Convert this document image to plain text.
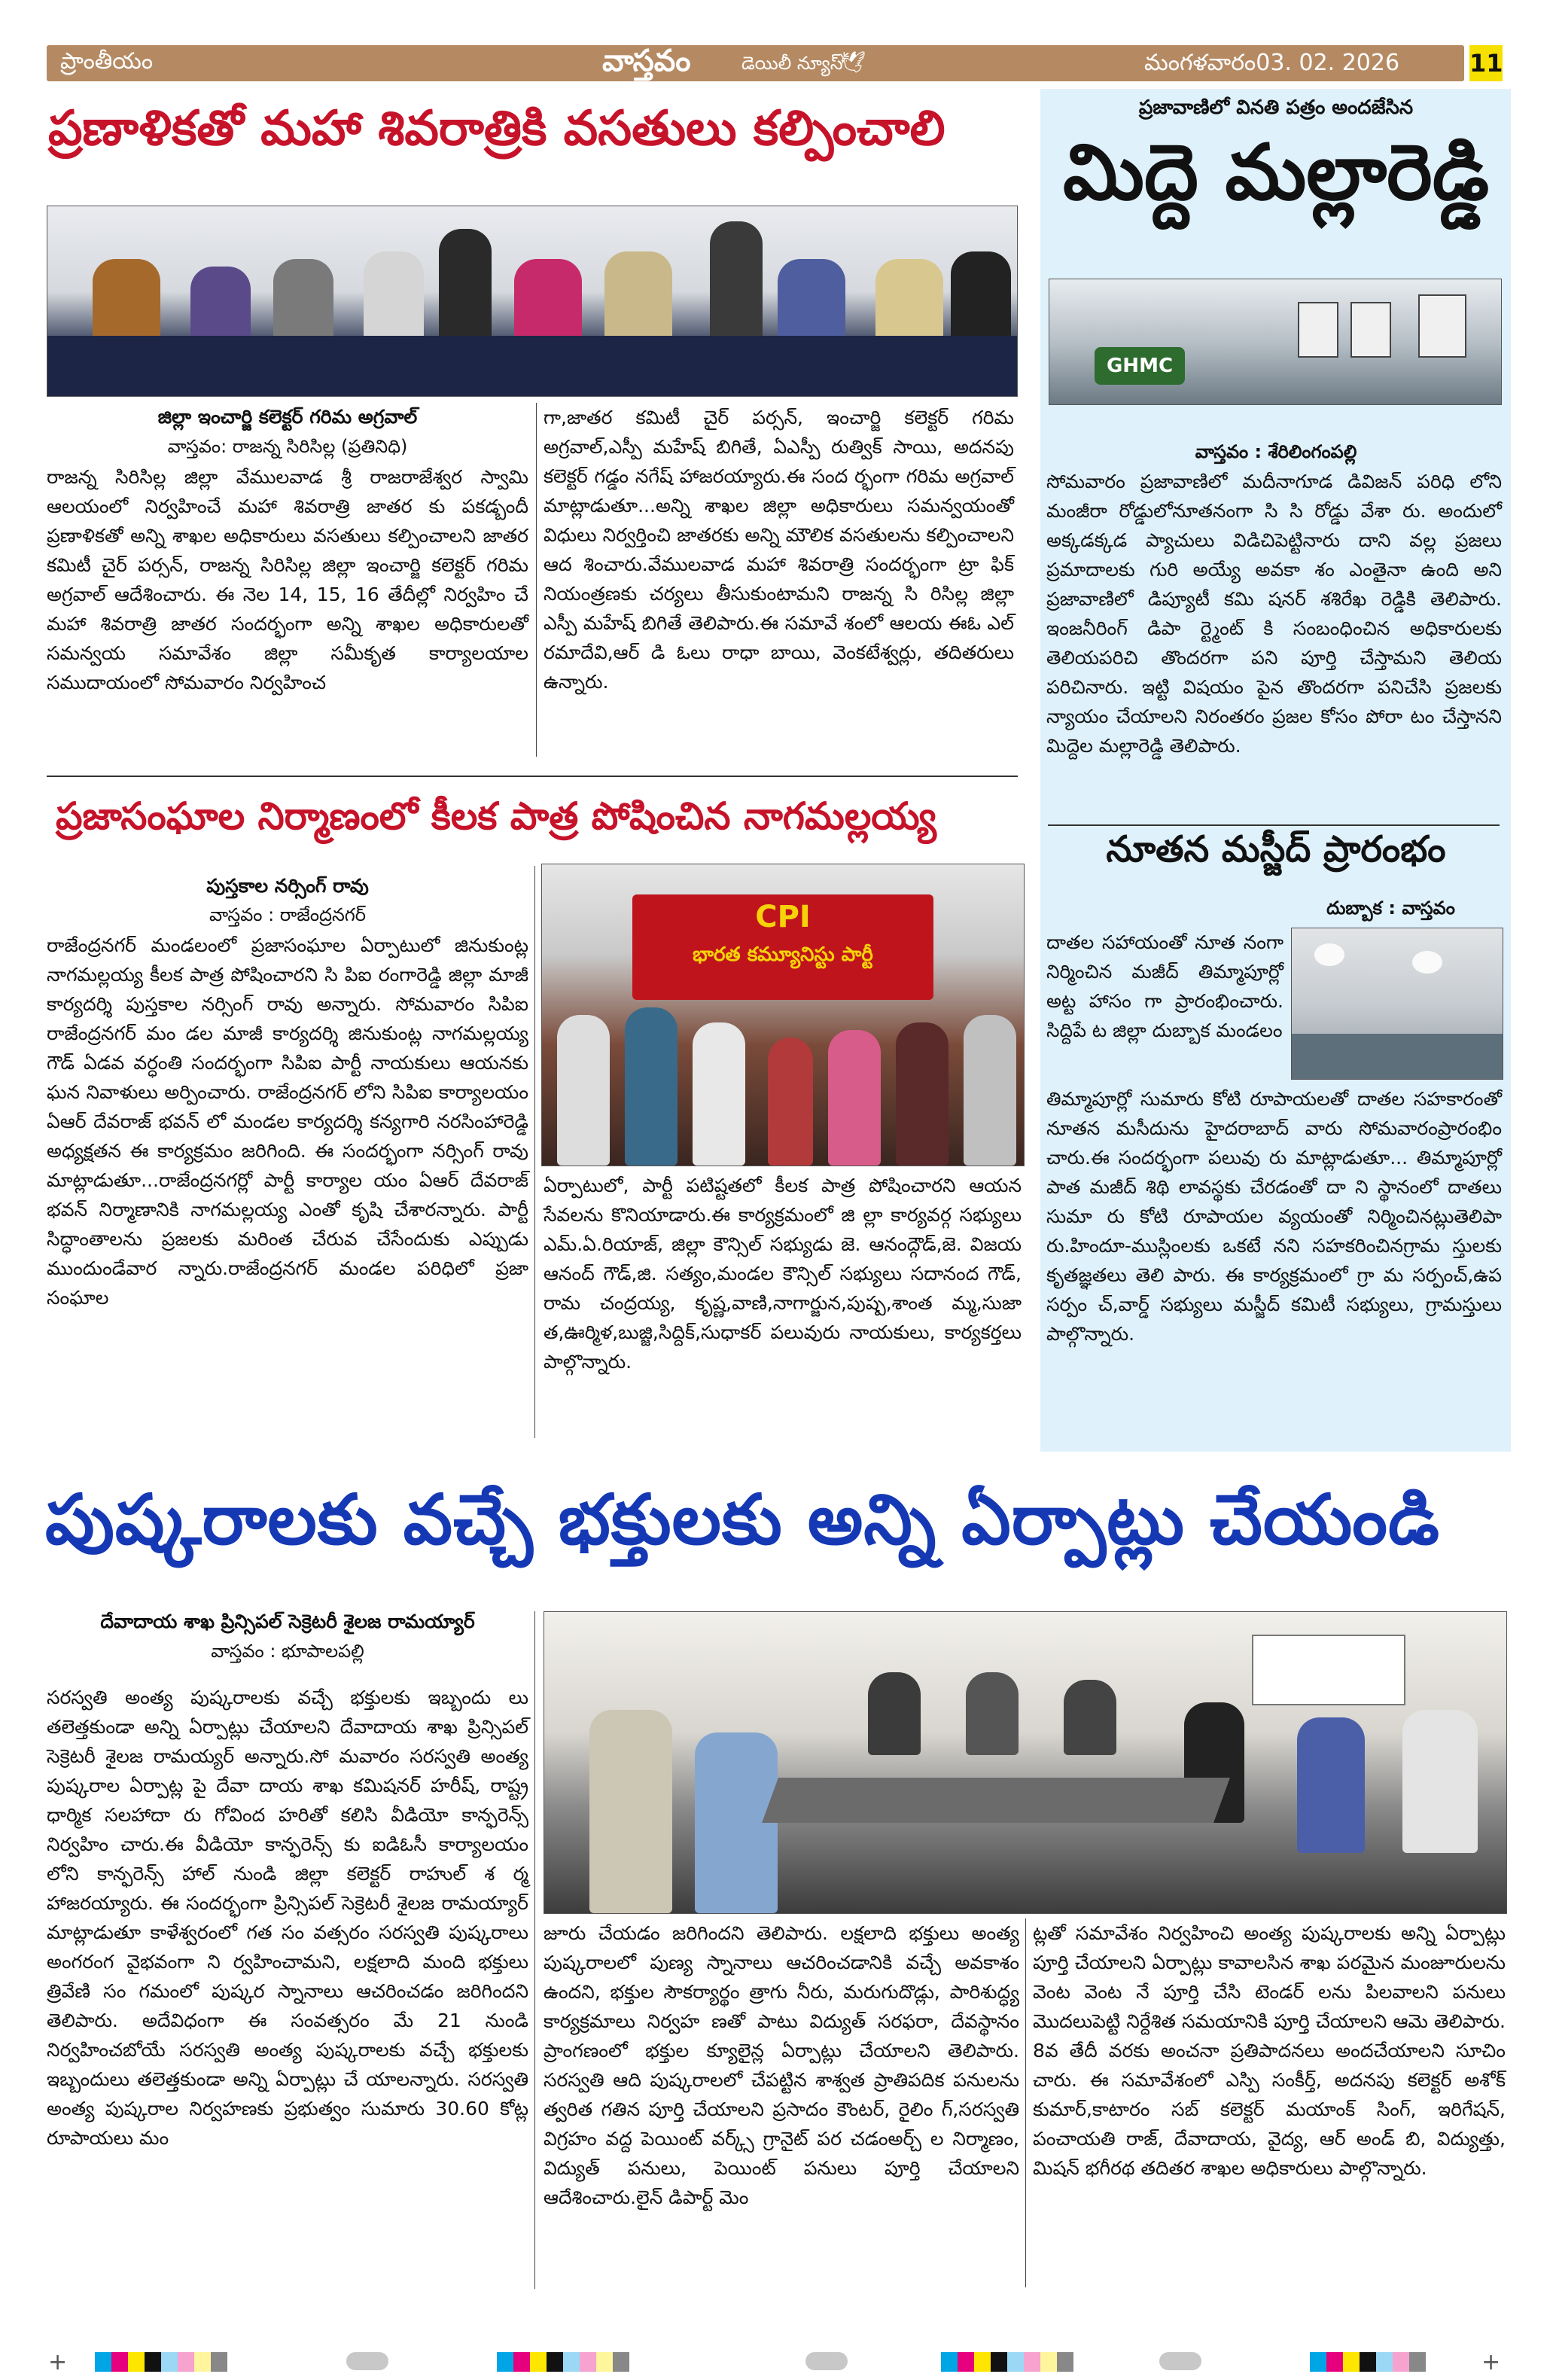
ప్రాంతీయం	వాస్తవం	డెయిలీ న్యూస్
🕊	మంగళవారం03. 02. 2026	11
ప్రణాళికతో మహా శివరాత్రికి వసతులు కల్పించాలి
జిల్లా ఇంచార్జి కలెక్టర్ గరిమ అగ్రవాల్
వాస్తవం: రాజన్న సిరిసిల్ల (ప్రతినిధి)
రాజన్న సిరిసిల్ల జిల్లా వేములవాడ శ్రీ రాజరాజేశ్వర స్వామి ఆలయంలో నిర్వహించే మహా శివరాత్రి జాతర కు పకడ్బందీ ప్రణాళికతో అన్ని శాఖల అధికారులు వసతులు కల్పించాలని జాతర కమిటీ చైర్ పర్సన్, రాజన్న సిరిసిల్ల జిల్లా ఇంచార్జి కలెక్టర్ గరిమ అగ్రవాల్ ఆదేశించారు. ఈ నెల 14, 15, 16 తేదీల్లో నిర్వహిం చే మహా శివరాత్రి జాతర సందర్భంగా అన్ని శాఖల అధికారులతో సమన్వయ సమావేశం జిల్లా సమీకృత కార్యాలయాల సముదాయంలో సోమవారం నిర్వహించ
గా,జాతర కమిటీ చైర్ పర్సన్, ఇంచార్జి కలెక్టర్ గరిమ అగ్రవాల్,ఎస్పీ మహేష్ బిగితే, ఏఎస్పీ రుత్విక్ సాయి, అదనపు కలెక్టర్ గడ్డం నగేష్ హాజరయ్యారు.ఈ సంద ర్భంగా గరిమ అగ్రవాల్ మాట్లాడుతూ...అన్ని శాఖల జిల్లా అధికారులు సమన్వయంతో విధులు నిర్వర్తించి జాతరకు అన్ని మౌలిక వసతులను కల్పించాలని ఆద శించారు.వేములవాడ మహా శివరాత్రి సందర్భంగా ట్రా ఫిక్ నియంత్రణకు చర్యలు తీసుకుంటామని రాజన్న సి రిసిల్ల జిల్లా ఎస్పీ మహేష్ బిగితే తెలిపారు.ఈ సమావే శంలో ఆలయ ఈఓ ఎల్ రమాదేవి,ఆర్ డి ఓలు రాధా బాయి, వెంకటేశ్వర్లు, తదితరులు ఉన్నారు.
ప్రజాసంఘాల నిర్మాణంలో కీలక పాత్ర పోషించిన నాగమల్లయ్య
పుస్తకాల నర్సింగ్ రావు
వాస్తవం : రాజేంద్రనగర్
రాజేంద్రనగర్ మండలంలో ప్రజాసంఘాల ఏర్పాటులో జినుకుంట్ల నాగమల్లయ్య కీలక పాత్ర పోషించారని సి పిఐ రంగారెడ్డి జిల్లా మాజీ కార్యదర్శి పుస్తకాల నర్సింగ్ రావు అన్నారు. సోమవారం సిపిఐ రాజేంద్రనగర్ మం డల మాజీ కార్యదర్శి జినుకుంట్ల నాగమల్లయ్య గౌడ్ ఏడవ వర్ధంతి సందర్భంగా సిపిఐ పార్టీ నాయకులు ఆయనకు ఘన నివాళులు అర్పించారు. రాజేంద్రనగర్ లోని సిపిఐ కార్యాలయం ఏఆర్ దేవరాజ్ భవన్ లో మండల కార్యదర్శి కన్యగారి నరసింహారెడ్డి అధ్యక్షతన ఈ కార్యక్రమం జరిగింది. ఈ సందర్భంగా నర్సింగ్ రావు మాట్లాడుతూ...రాజేంద్రనగర్లో పార్టీ కార్యాల యం ఏఆర్ దేవరాజ్ భవన్ నిర్మాణానికి నాగమల్లయ్య ఎంతో కృషి చేశారన్నారు. పార్టీ సిద్ధాంతాలను ప్రజలకు మరింత చేరువ చేసేందుకు ఎప్పుడు ముందుండేవార న్నారు.రాజేంద్రనగర్ మండల పరిధిలో ప్రజా సంఘాల
CPI
భారత కమ్యూనిస్టు పార్టీ
ఏర్పాటులో, పార్టీ పటిష్టతలో కీలక పాత్ర పోషించారని ఆయన సేవలను కొనియాడారు.ఈ కార్యక్రమంలో జి ల్లా కార్యవర్గ సభ్యులు ఎమ్.ఏ.రియాజ్, జిల్లా కౌన్సిల్ సభ్యుడు జె. ఆనంద్గౌడ్,జె. విజయ ఆనంద్ గౌడ్,జి. సత్యం,మండల కౌన్సిల్ సభ్యులు సదానంద గౌడ్, రామ చంద్రయ్య, కృష్ణ,వాణి,నాగార్జున,పుష్ప,శాంత మ్మ,సుజా త,ఊర్మిళ,బుజ్జి,సిద్దిక్,సుధాకర్ పలువురు నాయకులు, కార్యకర్తలు పాల్గొన్నారు.
ప్రజావాణిలో వినతి పత్రం అందజేసిన
మిద్దె మల్లారెడ్డి
GHMC
వాస్తవం : శేరిలింగంపల్లి
సోమవారం ప్రజావాణిలో మదీనాగూడ డివిజన్ పరిధి లోని మంజీరా రోడ్డులోనూతనంగా సి సి రోడ్డు వేశా రు. అందులో అక్కడక్కడ ప్యాచులు విడిచిపెట్టినారు దాని వల్ల ప్రజలు ప్రమాదాలకు గురి అయ్యే అవకా శం ఎంతైనా ఉంది అని ప్రజావాణిలో డిప్యూటీ కమి షనర్ శశిరేఖ రెడ్డికి తెలిపారు. ఇంజనీరింగ్ డిపా ర్ట్మెంట్ కి సంబంధించిన అధికారులకు తెలియపరిచి తొందరగా పని పూర్తి చేస్తామని తెలియ పరిచినారు. ఇట్టి విషయం పైన తొందరగా పనిచేసి ప్రజలకు న్యాయం చేయాలని నిరంతరం ప్రజల కోసం పోరా టం చేస్తానని మిద్దెల మల్లారెడ్డి తెలిపారు.
నూతన మస్జీద్ ప్రారంభం
దుబ్బాక : వాస్తవం
దాతల సహాయంతో నూత నంగా నిర్మించిన మజీద్ తిమ్మాపూర్లో అట్ట హాసం గా ప్రారంభించారు. సిద్దిపే ట జిల్లా దుబ్బాక మండలం
తిమ్మాపూర్లో సుమారు కోటి రూపాయలతో దాతల సహకారంతో నూతన మసీదును హైదరాబాద్ వారు సోమవారంప్రారంభిం చారు.ఈ సందర్భంగా పలువు రు మాట్లాడుతూ... తిమ్మాపూర్లో పాత మజీద్ శిథి లావస్థకు చేరడంతో దా ని స్థానంలో దాతలు సుమా రు కోటి రూపాయల వ్యయంతో నిర్మించినట్లుతెలిపా రు.హిందూ-ముస్లింలకు ఒకటే నని సహకరించినగ్రామ స్తులకు కృతజ్ఞతలు తెలి పారు. ఈ కార్యక్రమంలో గ్రా మ సర్పంచ్,ఉప సర్పం చ్,వార్డ్ సభ్యులు మస్జీద్ కమిటీ సభ్యులు, గ్రామస్తులు పాల్గొన్నారు.
పుష్కరాలకు వచ్చే భక్తులకు అన్ని ఏర్పాట్లు చేయండి
దేవాదాయ శాఖ ప్రిన్సిపల్ సెక్రెటరీ శైలజ రామయ్యార్
వాస్తవం : భూపాలపల్లి
సరస్వతి అంత్య పుష్కరాలకు వచ్చే భక్తులకు ఇబ్బందు లు తలెత్తకుండా అన్ని ఏర్పాట్లు చేయాలని దేవాదాయ శాఖ ప్రిన్సిపల్ సెక్రెటరీ శైలజ రామయ్యర్ అన్నారు.సో మవారం సరస్వతి అంత్య పుష్కరాల ఏర్పాట్ల పై దేవా దాయ శాఖ కమిషనర్ హరీష్, రాష్ట్ర ధార్మిక సలహాదా రు గోవింద హరితో కలిసి వీడియో కాన్ఫరెన్స్ నిర్వహిం చారు.ఈ వీడియో కాన్ఫరెన్స్ కు ఐడిఓసీ కార్యాలయం లోని కాన్ఫరెన్స్ హాల్ నుండి జిల్లా కలెక్టర్ రాహుల్ శ ర్మ హాజరయ్యారు. ఈ సందర్భంగా ప్రిన్సిపల్ సెక్రెటరీ శైలజ రామయ్యార్ మాట్లాడుతూ కాళేశ్వరంలో గత సం వత్సరం సరస్వతి పుష్కరాలు అంగరంగ వైభవంగా ని ర్వహించామని, లక్షలాది మంది భక్తులు త్రివేణి సం గమంలో పుష్కర స్నానాలు ఆచరించడం జరిగిందని తెలిపారు. అదేవిధంగా ఈ సంవత్సరం మే 21 నుండి నిర్వహించబోయే సరస్వతి అంత్య పుష్కరాలకు వచ్చే భక్తులకు ఇబ్బందులు తలెత్తకుండా అన్ని ఏర్పాట్లు చే యాలన్నారు. సరస్వతి అంత్య పుష్కరాల నిర్వహణకు ప్రభుత్వం సుమారు 30.60 కోట్ల రూపాయలు మం
జూరు చేయడం జరిగిందని తెలిపారు. లక్షలాది భక్తులు అంత్య పుష్కరాలలో పుణ్య స్నానాలు ఆచరించడానికి వచ్చే అవకాశం ఉందని, భక్తుల సౌకర్యార్థం త్రాగు నీరు, మరుగుదొడ్లు, పారిశుద్ధ్య కార్యక్రమాలు నిర్వహ ణతో పాటు విద్యుత్ సరఫరా, దేవస్థానం ప్రాంగణంలో భక్తుల క్యూలైన్ల ఏర్పాట్లు చేయాలని తెలిపారు. సరస్వతి ఆది పుష్కరాలలో చేపట్టిన శాశ్వత ప్రాతిపదిక పనులను త్వరిత గతిన పూర్తి చేయాలని ప్రసాదం కౌంటర్, రైలిం గ్,సరస్వతి విగ్రహం వద్ద పెయింట్ వర్క్స్ గ్రానైట్ పర చడంఅర్చ్ ల నిర్మాణం, విద్యుత్ పనులు, పెయింట్ పనులు పూర్తి చేయాలని ఆదేశించారు.లైన్ డిపార్ట్ మెం
ట్లతో సమావేశం నిర్వహించి అంత్య పుష్కరాలకు అన్ని ఏర్పాట్లు పూర్తి చేయాలని ఏర్పాట్లు కావాలసిన శాఖ పరమైన మంజూరులను వెంట వెంట నే పూర్తి చేసి టెండర్ లను పిలవాలని పనులు మొదలుపెట్టి నిర్దేశిత సమయానికి పూర్తి చేయాలని ఆమె తెలిపారు. 8వ తేదీ వరకు అంచనా ప్రతిపాదనలు అందచేయాలని సూచిం చారు. ఈ సమావేశంలో ఎస్పి సంకీర్త్, అదనపు కలెక్టర్ అశోక్ కుమార్,కాటారం సబ్ కలెక్టర్ మయాంక్ సింగ్, ఇరిగేషన్, పంచాయతి రాజ్, దేవాదాయ, వైద్య, ఆర్ అండ్ బి, విద్యుత్తు, మిషన్ భగీరథ తదితర శాఖల అధికారులు పాల్గొన్నారు.
+	+
